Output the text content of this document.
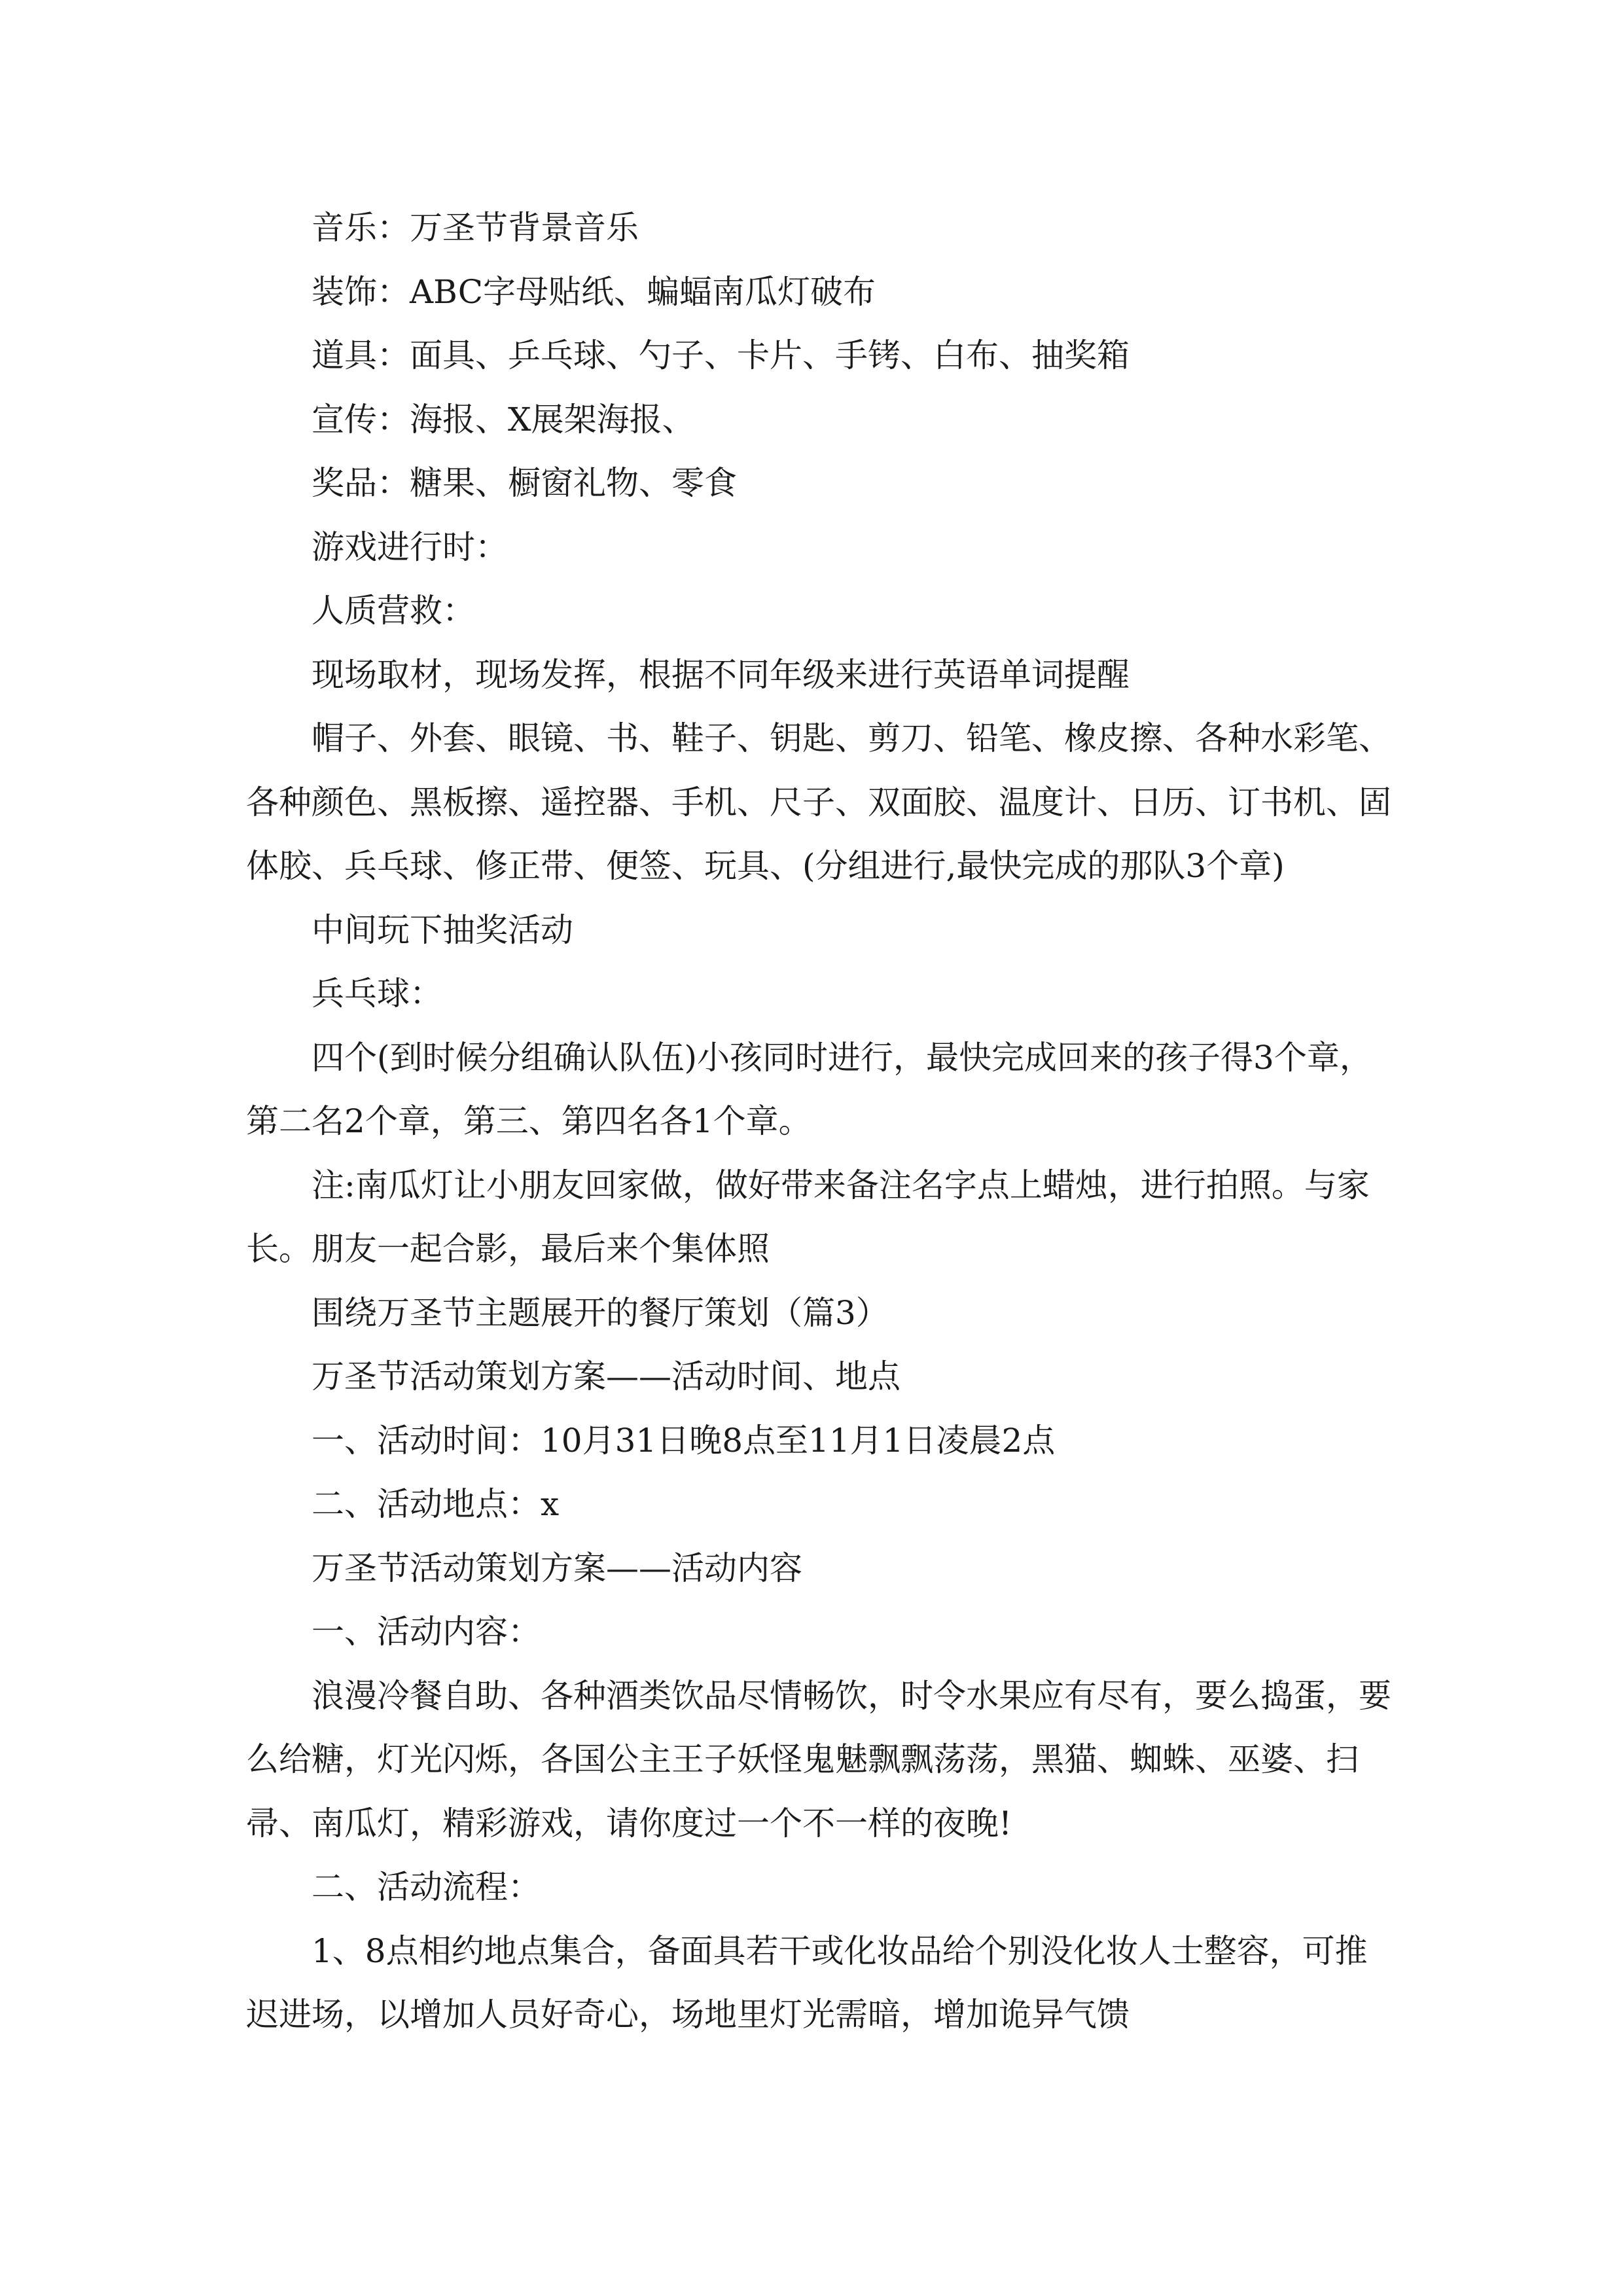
音乐：万圣节背景音乐

装饰：ABC字母贴纸、蝙蝠南瓜灯破布

道具：面具、乒乓球、勺子、卡片、手铐、白布、抽奖箱

宣传：海报、X展架海报、

奖品：糖果、橱窗礼物、零食

游戏进行时：

人质营救：

现场取材，现场发挥，根据不同年级来进行英语单词提醒

帽子、外套、眼镜、书、鞋子、钥匙、剪刀、铅笔、橡皮擦、各种水彩笔、各种颜色、黑板擦、遥控器、手机、尺子、双面胶、温度计、日历、订书机、固体胶、兵乓球、修正带、便签、玩具、(分组进行,最快完成的那队3个章)

中间玩下抽奖活动

兵乓球：

四个(到时候分组确认队伍)小孩同时进行，最快完成回来的孩子得3个章，第二名2个章，第三、第四名各1个章。

注:南瓜灯让小朋友回家做，做好带来备注名字点上蜡烛，进行拍照。与家长。朋友一起合影，最后来个集体照

围绕万圣节主题展开的餐厅策划（篇3）

万圣节活动策划方案——活动时间、地点

一、活动时间：10月31日晚8点至11月1日凌晨2点

二、活动地点：x

万圣节活动策划方案——活动内容

一、活动内容：

浪漫冷餐自助、各种酒类饮品尽情畅饮，时令水果应有尽有，要么捣蛋，要么给糖，灯光闪烁，各国公主王子妖怪鬼魅飘飘荡荡，黑猫、蜘蛛、巫婆、扫帚、南瓜灯，精彩游戏，请你度过一个不一样的夜晚!

二、活动流程：

1、8点相约地点集合，备面具若干或化妆品给个别没化妆人士整容，可推迟进场，以增加人员好奇心，场地里灯光需暗，增加诡异气馈
